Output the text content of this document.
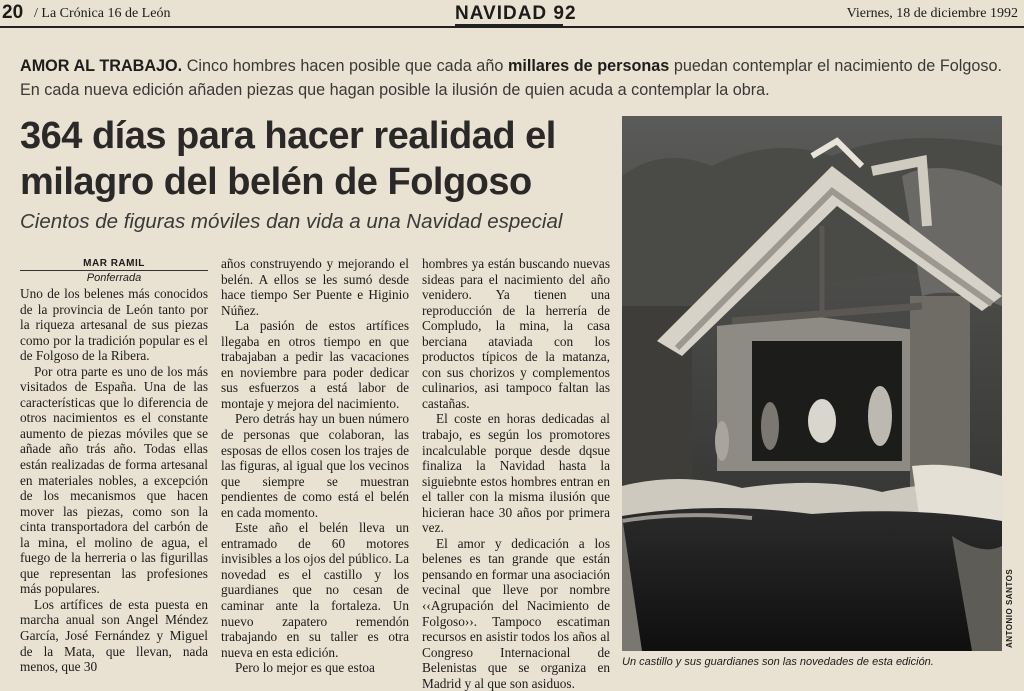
20 / La Crónica 16 de León	NAVIDAD 92	Viernes, 18 de diciembre 1992
AMOR AL TRABAJO. Cinco hombres hacen posible que cada año millares de personas puedan contemplar el nacimiento de Folgoso. En cada nueva edición añaden piezas que hagan posible la ilusión de quien acuda a contemplar la obra.
364 días para hacer realidad el milagro del belén de Folgoso
Cientos de figuras móviles dan vida a una Navidad especial
MAR RAMIL
Ponferrada

Uno de los belenes más conocidos de la provincia de León tanto por la riqueza artesanal de sus piezas como por la tradición popular es el de Folgoso de la Ribera.

Por otra parte es uno de los más visitados de España. Una de las características que lo diferencia de otros nacimientos es el constante aumento de piezas móviles que se añade año trás año. Todas ellas están realizadas de forma artesanal en materiales nobles, a excepción de los mecanismos que hacen mover las piezas, como son la cinta transportadora del carbón de la mina, el molino de agua, el fuego de la herreria o las figurillas que representan las profesiones más populares.

Los artífices de esta puesta en marcha anual son Angel Méndez García, José Fernández y Miguel de la Mata, que llevan, nada menos, que 30

años construyendo y mejorando el belén. A ellos se les sumó desde hace tiempo Ser Puente e Higinio Núñez.

La pasión de estos artífices llegaba en otros tiempo en que trabajaban a pedir las vacaciones en noviembre para poder dedicar sus esfuerzos a está labor de montaje y mejora del nacimiento.

Pero detrás hay un buen número de personas que colaboran, las esposas de ellos cosen los trajes de las figuras, al igual que los vecinos que siempre se muestran pendientes de como está el belén en cada momento.

Este año el belén lleva un entramado de 60 motores invisibles a los ojos del público. La novedad es el castillo y los guardianes que no cesan de caminar ante la fortaleza. Un nuevo zapatero remendón trabajando en su taller es otra nueva en esta edición.

Pero lo mejor es que estoa

hombres ya están buscando nuevas sideas para el nacimiento del año venidero. Ya tienen una reproducción de la herrería de Compludo, la mina, la casa berciana ataviada con los productos típicos de la matanza, con sus chorizos y complementos culinarios, asi tampoco faltan las castañas.

El coste en horas dedicadas al trabajo, es según los promotores incalculable porque desde dqsue finaliza la Navidad hasta la siguiebnte estos hombres entran en el taller con la misma ilusión que hicieran hace 30 años por primera vez.

El amor y dedicación a los belenes es tan grande que están pensando en formar una asociación vecinal que lleve por nombre ‹‹Agrupación del Nacimiento de Folgoso››. Tampoco escatiman recursos en asistir todos los años al Congreso Internacional de Belenistas que se organiza en Madrid y al que son asiduos.

ANTONIO SANTOS
Un castillo y sus guardianes son las novedades de esta edición.
